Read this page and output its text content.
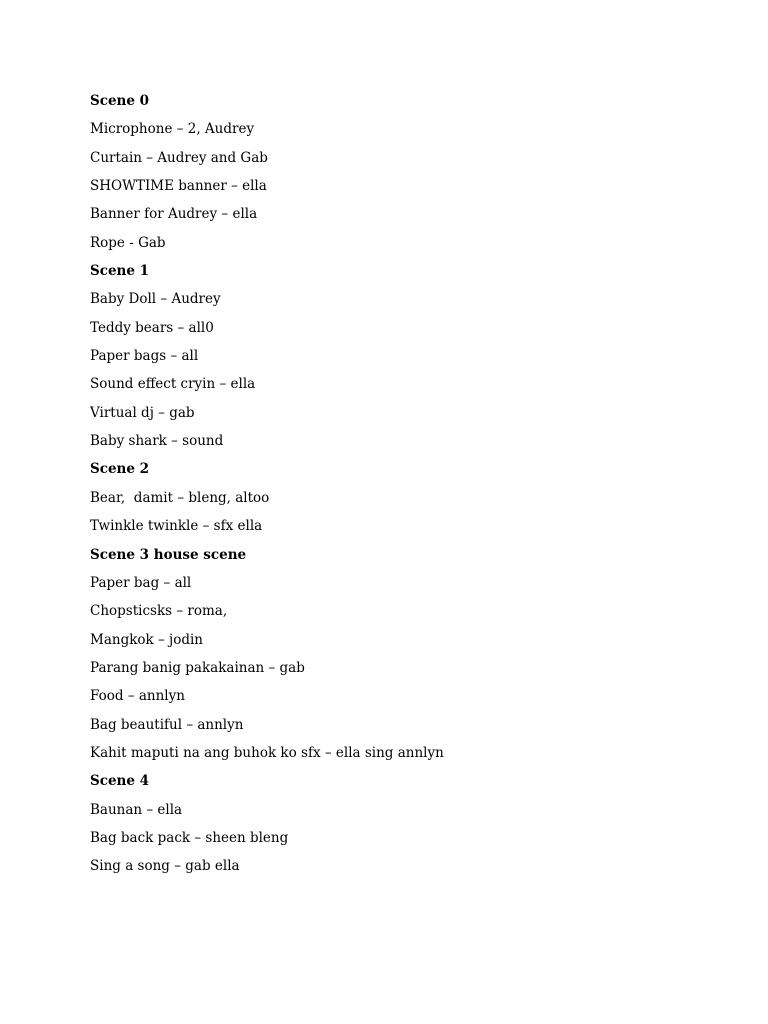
Scene 0
Microphone – 2, Audrey
Curtain – Audrey and Gab
SHOWTIME banner – ella
Banner for Audrey – ella
Rope - Gab
Scene 1
Baby Doll – Audrey
Teddy bears – all0
Paper bags – all
Sound effect cryin – ella
Virtual dj – gab
Baby shark – sound
Scene 2
Bear,  damit – bleng, altoo
Twinkle twinkle – sfx ella
Scene 3 house scene
Paper bag – all
Chopsticsks – roma,
Mangkok – jodin
Parang banig pakakainan – gab
Food – annlyn
Bag beautiful – annlyn
Kahit maputi na ang buhok ko sfx – ella sing annlyn
Scene 4
Baunan – ella
Bag back pack – sheen bleng
Sing a song – gab ella
